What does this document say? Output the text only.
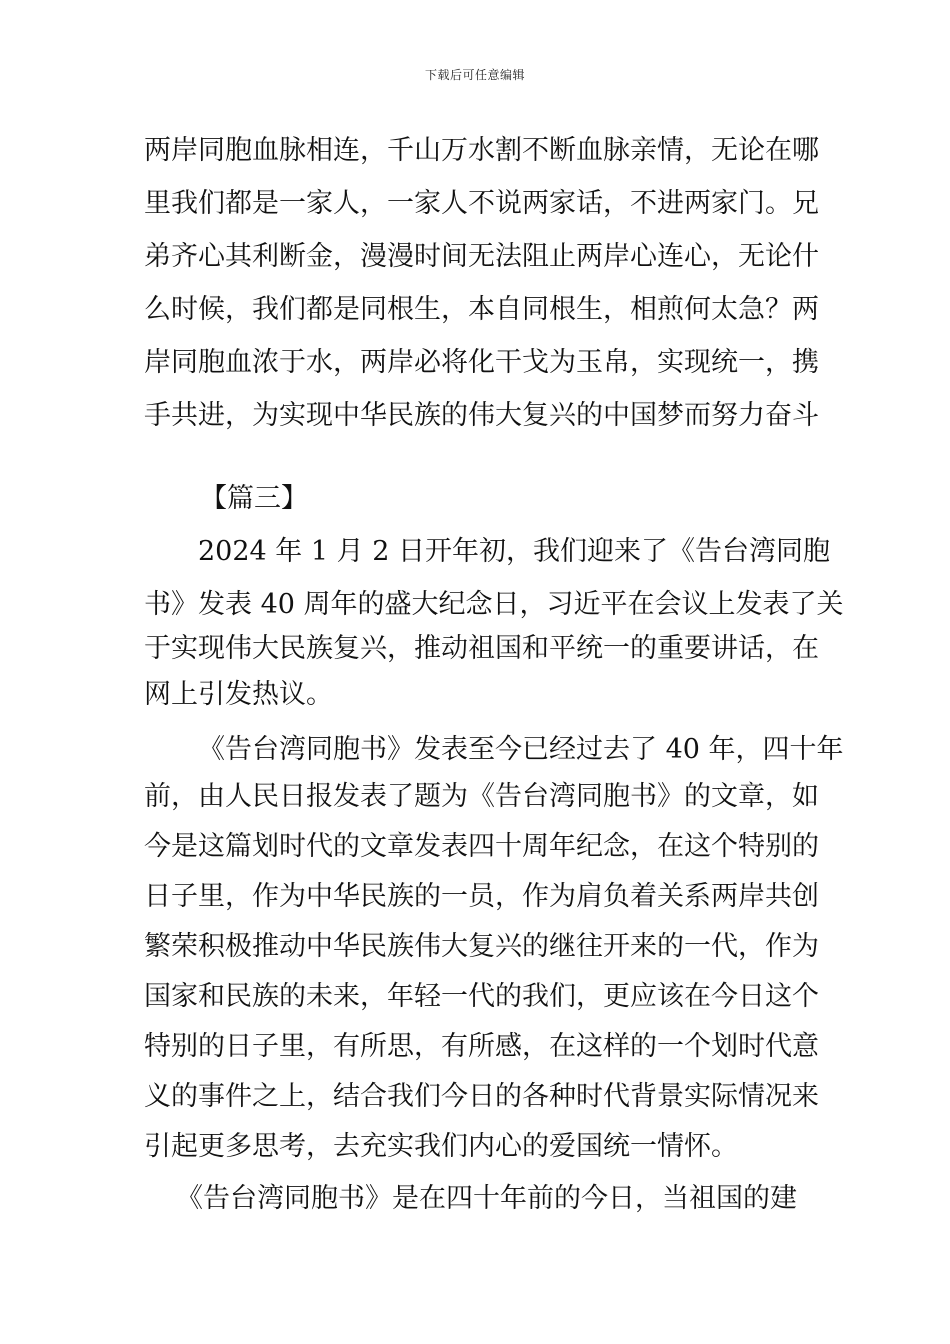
下载后可任意编辑
两岸同胞血脉相连，千山万水割不断血脉亲情，无论在哪
里我们都是一家人，一家人不说两家话，不进两家门。兄
弟齐心其利断金，漫漫时间无法阻止两岸心连心，无论什
么时候，我们都是同根生，本自同根生，相煎何太急？两
岸同胞血浓于水，两岸必将化干戈为玉帛，实现统一，携
手共进，为实现中华民族的伟大复兴的中国梦而努力奋斗
【篇三】
2024 年 1 月 2 日开年初，我们迎来了《告台湾同胞
书》发表 40 周年的盛大纪念日，习近平在会议上发表了关
于实现伟大民族复兴，推动祖国和平统一的重要讲话，在
网上引发热议。
《告台湾同胞书》发表至今已经过去了 40 年，四十年
前，由人民日报发表了题为《告台湾同胞书》的文章，如
今是这篇划时代的文章发表四十周年纪念，在这个特别的
日子里，作为中华民族的一员，作为肩负着关系两岸共创
繁荣积极推动中华民族伟大复兴的继往开来的一代，作为
国家和民族的未来，年轻一代的我们，更应该在今日这个
特别的日子里，有所思，有所感，在这样的一个划时代意
义的事件之上，结合我们今日的各种时代背景实际情况来
引起更多思考，去充实我们内心的爱国统一情怀。
《告台湾同胞书》是在四十年前的今日，当祖国的建
